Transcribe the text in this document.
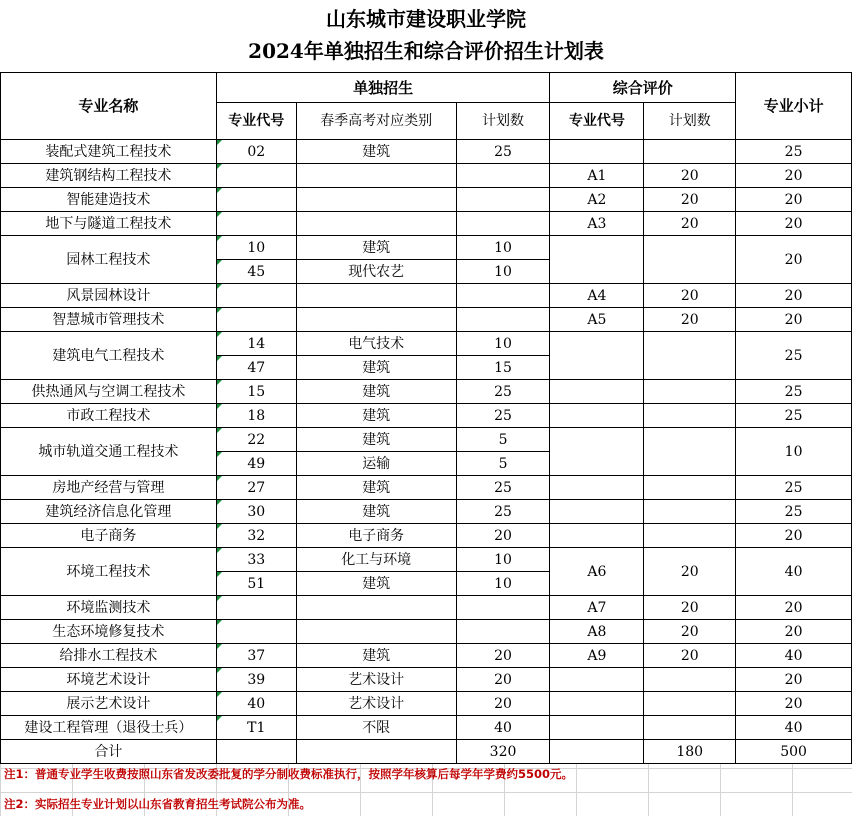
山东城市建设职业学院
2024年单独招生和综合评价招生计划表
专业名称	单独招生			综合评价		专业小计
	专业代号	春季高考对应类别	计划数	专业代号	计划数	
装配式建筑工程技术	02	建筑	25			25
建筑钢结构工程技术				A1	20	20
智能建造技术				A2	20	20
地下与隧道工程技术				A3	20	20
园林工程技术	10	建筑	10			20
	45	现代农艺	10			
风景园林设计				A4	20	20
智慧城市管理技术				A5	20	20
建筑电气工程技术	14	电气技术	10			25
	47	建筑	15			
供热通风与空调工程技术	15	建筑	25			25
市政工程技术	18	建筑	25			25
城市轨道交通工程技术	22	建筑	5			10
	49	运输	5			
房地产经营与管理	27	建筑	25			25
建筑经济信息化管理	30	建筑	25			25
电子商务	32	电子商务	20			20
环境工程技术	33	化工与环境	10	A6	20	40
	51	建筑	10			
环境监测技术				A7	20	20
生态环境修复技术				A8	20	20
给排水工程技术	37	建筑	20	A9	20	40
环境艺术设计	39	艺术设计	20			20
展示艺术设计	40	艺术设计	20			20
建设工程管理（退役士兵）	T1	不限	40			40
合计			320		180	500
注1：普通专业学生收费按照山东省发改委批复的学分制收费标准执行，按照学年核算后每学年学费约5500元。
注2：实际招生专业计划以山东省教育招生考试院公布为准。
